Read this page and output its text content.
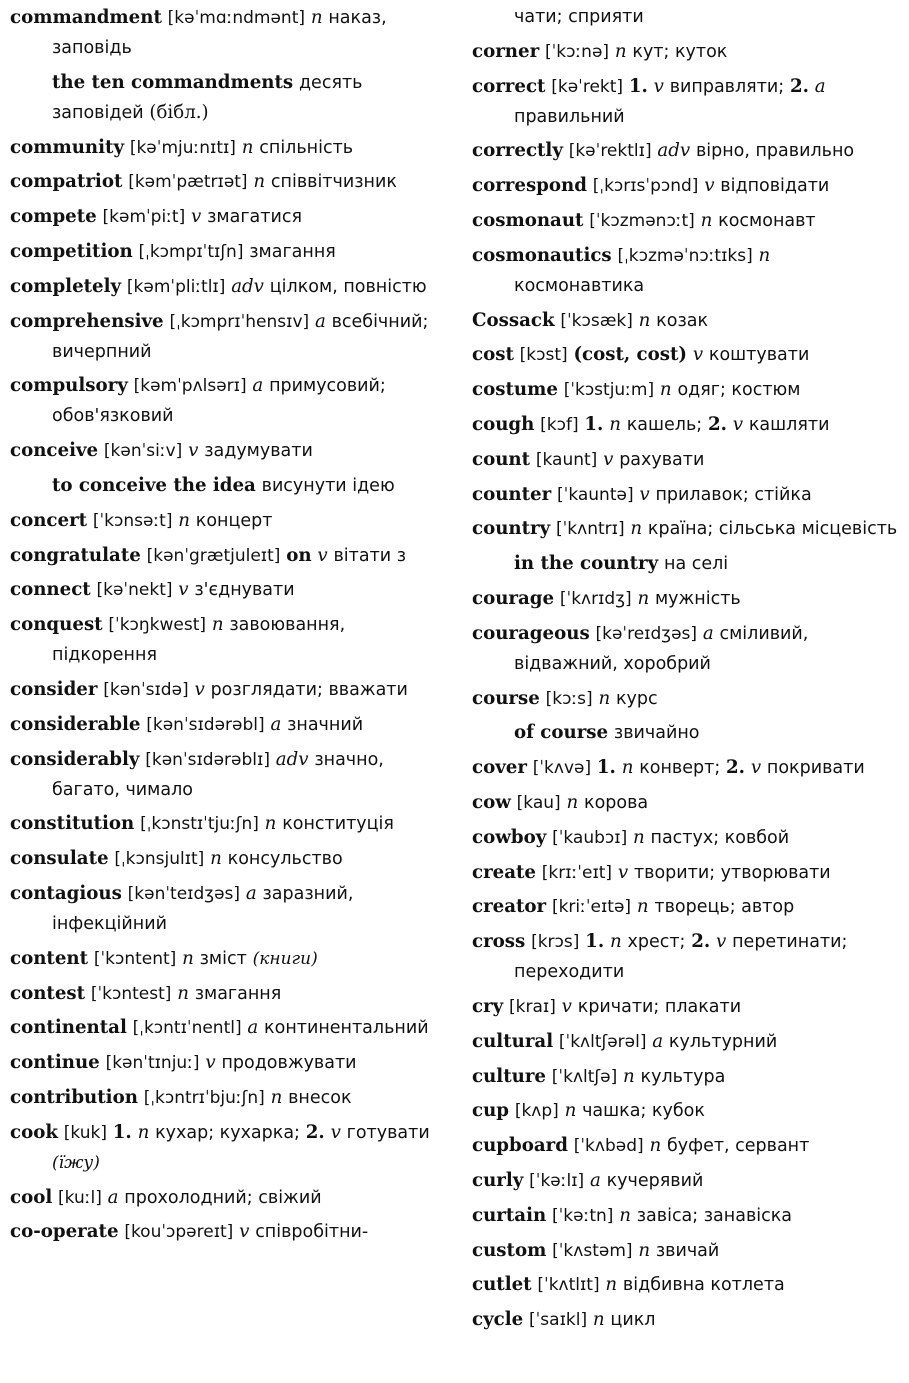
commandment [kəˈmɑːndmənt] n наказ, заповідь
the ten commandments десять заповідей (бібл.)
community [kəˈmjuːnɪtɪ] n спільність
compatriot [kəmˈpætrɪət] n співвітчизник
compete [kəmˈpiːt] v змагатися
competition [ˌkɔmpɪˈtɪʃn] змагання
completely [kəmˈpliːtlɪ] adv цілком, повністю
comprehensive [ˌkɔmprɪˈhensɪv] a всебічний; вичерпний
compulsory [kəmˈpʌlsərɪ] a примусовий; обов'язковий
conceive [kənˈsiːv] v задумувати
to conceive the idea висунути ідею
concert [ˈkɔnsəːt] n концерт
congratulate [kənˈgrætjuleɪt] on v вітати з
connect [kəˈnekt] v з'єднувати
conquest [ˈkɔŋkwest] n завоювання, підкорення
consider [kənˈsɪdə] v розглядати; вважати
considerable [kənˈsɪdərəbl] a значний
considerably [kənˈsɪdərəblɪ] adv значно, багато, чимало
constitution [ˌkɔnstɪˈtjuːʃn] n конституція
consulate [ˌkɔnsjulɪt] n консульство
contagious [kənˈteɪdʒəs] a заразний, інфекційний
content [ˈkɔntent] n зміст (книги)
contest [ˈkɔntest] n змагання
continental [ˌkɔntɪˈnentl] a континентальний
continue [kənˈtɪnjuː] v продовжувати
contribution [ˌkɔntrɪˈbjuːʃn] n внесок
cook [kuk] 1. n кухар; кухарка; 2. v готувати (їжу)
cool [kuːl] a прохолодний; свіжий
co-operate [kouˈɔpəreɪt] v співробітни-
чати; сприяти
corner [ˈkɔːnə] n кут; куток
correct [kəˈrekt] 1. v виправляти; 2. a правильний
correctly [kəˈrektlɪ] adv вірно, правильно
correspond [ˌkɔrɪsˈpɔnd] v відповідати
cosmonaut [ˈkɔzmənɔːt] n космонавт
cosmonautics [ˌkɔzməˈnɔːtɪks] n космонавтика
Cossack [ˈkɔsæk] n козак
cost [kɔst] (cost, cost) v коштувати
costume [ˈkɔstjuːm] n одяг; костюм
cough [kɔf] 1. n кашель; 2. v кашляти
count [kaunt] v рахувати
counter [ˈkauntə] v прилавок; стійка
country [ˈkʌntrɪ] n країна; сільська місцевість
in the country на селі
courage [ˈkʌrɪdʒ] n мужність
courageous [kəˈreɪdʒəs] a сміливий, відважний, хоробрий
course [kɔːs] n курс
of course звичайно
cover [ˈkʌvə] 1. n конверт; 2. v покривати
cow [kau] n корова
cowboy [ˈkaubɔɪ] n пастух; ковбой
create [krɪːˈeɪt] v творити; утворювати
creator [kriːˈeɪtə] n творець; автор
cross [krɔs] 1. n хрест; 2. v перетинати; переходити
cry [kraɪ] v кричати; плакати
cultural [ˈkʌltʃərəl] a культурний
culture [ˈkʌltʃə] n культура
cup [kʌp] n чашка; кубок
cupboard [ˈkʌbəd] n буфет, сервант
curly [ˈkəːlɪ] a кучерявий
curtain [ˈkəːtn] n завіса; занавіска
custom [ˈkʌstəm] n звичай
cutlet [ˈkʌtlɪt] n відбивна котлета
cycle [ˈsaɪkl] n цикл
